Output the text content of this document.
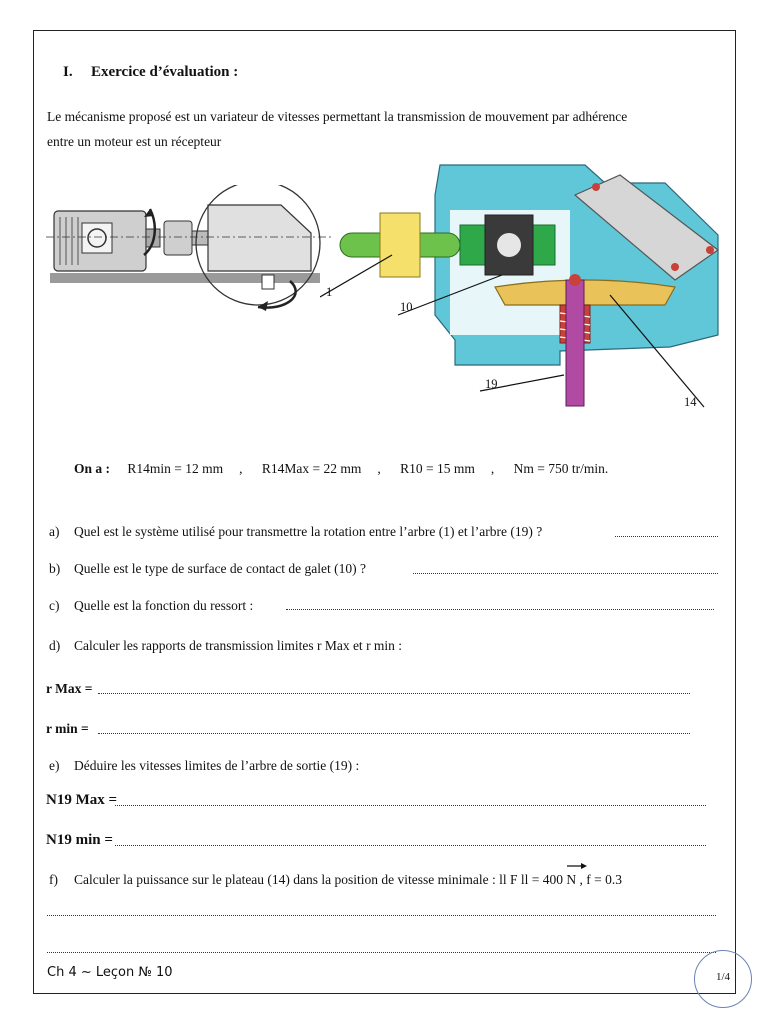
I. Exercice d’évaluation :
Le mécanisme proposé est un variateur de vitesses permettant la transmission de mouvement par adhérence
entre un moteur est un récepteur
1
10
19
14
On a : R14min = 12 mm , R14Max = 22 mm , R10 = 15 mm , Nm = 750 tr/min.
a) Quel est le système utilisé pour transmettre la rotation entre l’arbre (1) et l’arbre (19) ?
b) Quelle est le type de surface de contact de galet (10) ?
c) Quelle est la fonction du ressort :
d) Calculer les rapports de transmission limites r Max et r min :
r Max =
r min =
e) Déduire les vitesses limites de l’arbre de sortie (19) :
N19 Max =
N19 min =
f) Calculer la puissance sur le plateau (14) dans la position de vitesse minimale : ll F ll = 400 N , f = 0.3
Ch 4 ~ Leçon № 10	1/4
